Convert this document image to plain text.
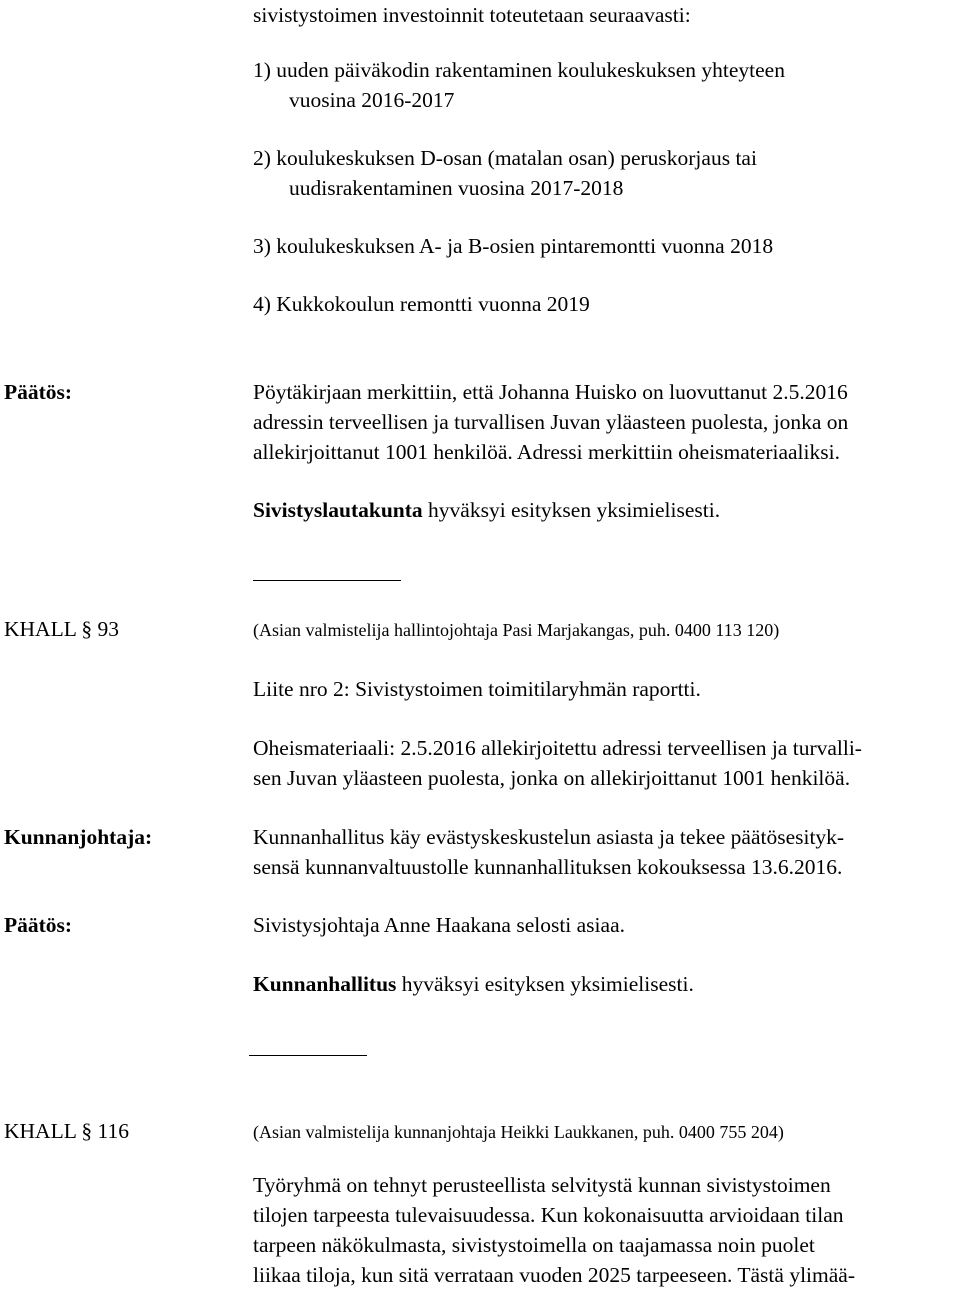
sivistystoimen investoinnit toteutetaan seuraavasti:
1) uuden päiväkodin rakentaminen koulukeskuksen yhteyteen
vuosina 2016-2017
2) koulukeskuksen D-osan (matalan osan) peruskorjaus tai
uudisrakentaminen vuosina 2017-2018
3) koulukeskuksen A- ja B-osien pintaremontti vuonna 2018
4) Kukkokoulun remontti vuonna 2019
Päätös:	Pöytäkirjaan merkittiin, että Johanna Huisko on luovuttanut 2.5.2016
adressin terveellisen ja turvallisen Juvan yläasteen puolesta, jonka on
allekirjoittanut 1001 henkilöä. Adressi merkittiin oheismateriaaliksi.
Sivistyslautakunta hyväksyi esityksen yksimielisesti.
KHALL § 93	(Asian valmistelija hallintojohtaja Pasi Marjakangas, puh. 0400 113 120)
Liite nro 2: Sivistystoimen toimitilaryhmän raportti.
Oheismateriaali: 2.5.2016 allekirjoitettu adressi terveellisen ja turvalli-
sen Juvan yläasteen puolesta, jonka on allekirjoittanut 1001 henkilöä.
Kunnanjohtaja:	Kunnanhallitus käy evästyskeskustelun asiasta ja tekee päätösesityk-
sensä kunnanvaltuustolle kunnanhallituksen kokouksessa 13.6.2016.
Päätös:	Sivistysjohtaja Anne Haakana selosti asiaa.
Kunnanhallitus hyväksyi esityksen yksimielisesti.
KHALL § 116	(Asian valmistelija kunnanjohtaja Heikki Laukkanen, puh. 0400 755 204)
Työryhmä on tehnyt perusteellista selvitystä kunnan sivistystoimen
tilojen tarpeesta tulevaisuudessa. Kun kokonaisuutta arvioidaan tilan
tarpeen näkökulmasta, sivistystoimella on taajamassa noin puolet
liikaa tiloja, kun sitä verrataan vuoden 2025 tarpeeseen. Tästä ylimää-
